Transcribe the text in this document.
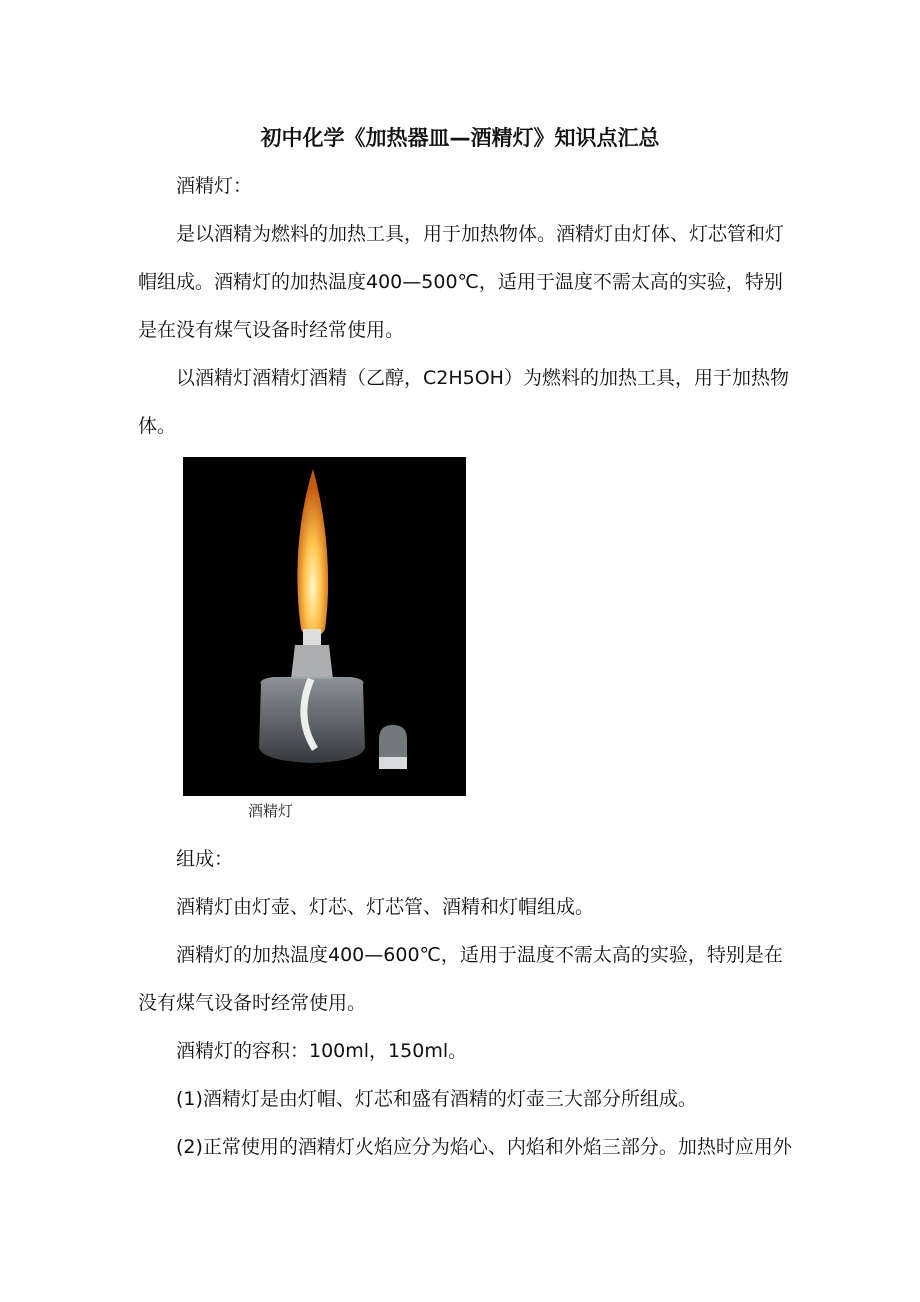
初中化学《加热器皿—酒精灯》知识点汇总

酒精灯：

是以酒精为燃料的加热工具，用于加热物体。酒精灯由灯体、灯芯管和灯帽组成。酒精灯的加热温度400—500℃，适用于温度不需太高的实验，特别是在没有煤气设备时经常使用。

以酒精灯酒精灯酒精（乙醇，C2H5OH）为燃料的加热工具，用于加热物体。

酒精灯

组成：

酒精灯由灯壶、灯芯、灯芯管、酒精和灯帽组成。

酒精灯的加热温度400—600℃，适用于温度不需太高的实验，特别是在没有煤气设备时经常使用。

酒精灯的容积：100ml，150ml。

(1)酒精灯是由灯帽、灯芯和盛有酒精的灯壶三大部分所组成。

(2)正常使用的酒精灯火焰应分为焰心、内焰和外焰三部分。加热时应用外
